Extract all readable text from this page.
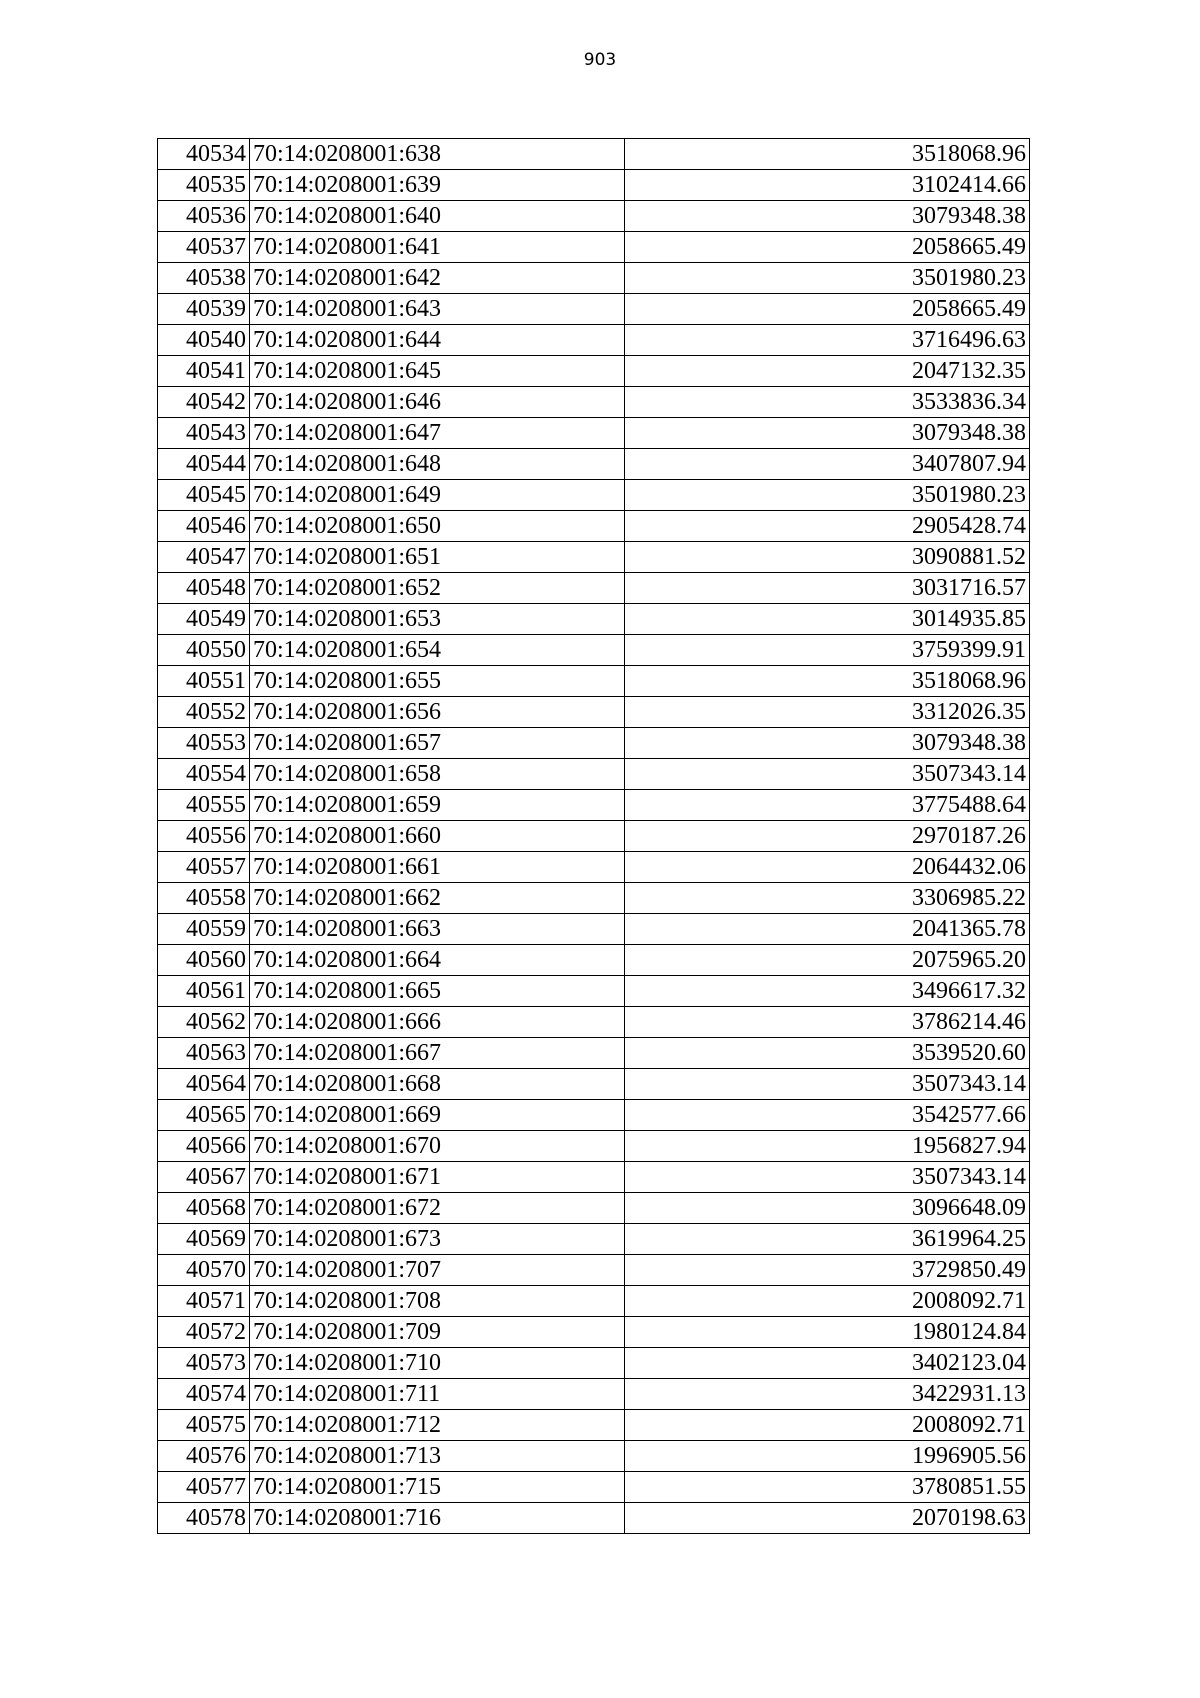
903
40534	70:14:0208001:638	3518068.96
40535	70:14:0208001:639	3102414.66
40536	70:14:0208001:640	3079348.38
40537	70:14:0208001:641	2058665.49
40538	70:14:0208001:642	3501980.23
40539	70:14:0208001:643	2058665.49
40540	70:14:0208001:644	3716496.63
40541	70:14:0208001:645	2047132.35
40542	70:14:0208001:646	3533836.34
40543	70:14:0208001:647	3079348.38
40544	70:14:0208001:648	3407807.94
40545	70:14:0208001:649	3501980.23
40546	70:14:0208001:650	2905428.74
40547	70:14:0208001:651	3090881.52
40548	70:14:0208001:652	3031716.57
40549	70:14:0208001:653	3014935.85
40550	70:14:0208001:654	3759399.91
40551	70:14:0208001:655	3518068.96
40552	70:14:0208001:656	3312026.35
40553	70:14:0208001:657	3079348.38
40554	70:14:0208001:658	3507343.14
40555	70:14:0208001:659	3775488.64
40556	70:14:0208001:660	2970187.26
40557	70:14:0208001:661	2064432.06
40558	70:14:0208001:662	3306985.22
40559	70:14:0208001:663	2041365.78
40560	70:14:0208001:664	2075965.20
40561	70:14:0208001:665	3496617.32
40562	70:14:0208001:666	3786214.46
40563	70:14:0208001:667	3539520.60
40564	70:14:0208001:668	3507343.14
40565	70:14:0208001:669	3542577.66
40566	70:14:0208001:670	1956827.94
40567	70:14:0208001:671	3507343.14
40568	70:14:0208001:672	3096648.09
40569	70:14:0208001:673	3619964.25
40570	70:14:0208001:707	3729850.49
40571	70:14:0208001:708	2008092.71
40572	70:14:0208001:709	1980124.84
40573	70:14:0208001:710	3402123.04
40574	70:14:0208001:711	3422931.13
40575	70:14:0208001:712	2008092.71
40576	70:14:0208001:713	1996905.56
40577	70:14:0208001:715	3780851.55
40578	70:14:0208001:716	2070198.63
